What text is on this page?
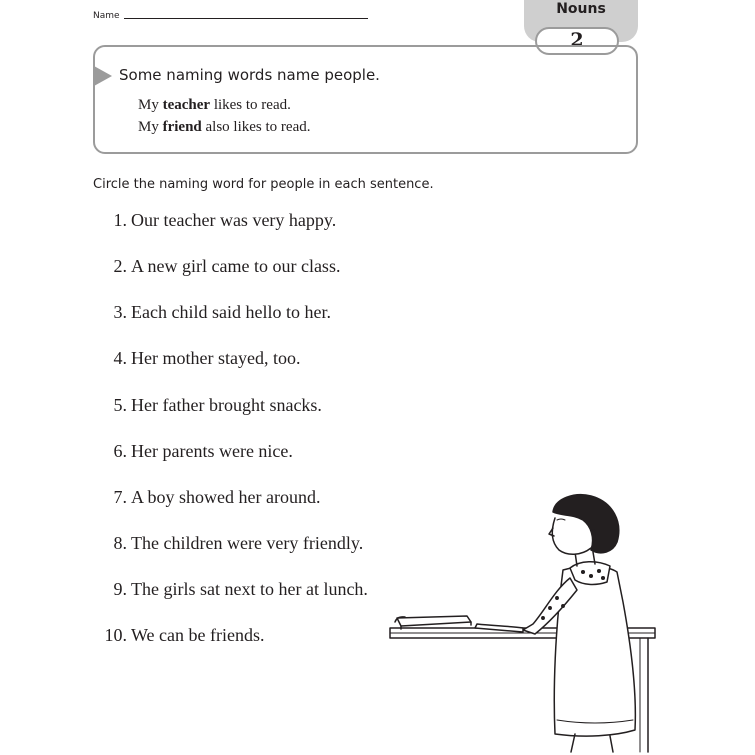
Name	Nouns
2
Some naming words name people.
My teacher likes to read.
My friend also likes to read.
Circle the naming word for people in each sentence.
1. Our teacher was very happy.
2. A new girl came to our class.
3. Each child said hello to her.
4. Her mother stayed, too.
5. Her father brought snacks.
6. Her parents were nice.
7. A boy showed her around.
8. The children were very friendly.
9. The girls sat next to her at lunch.
10. We can be friends.
